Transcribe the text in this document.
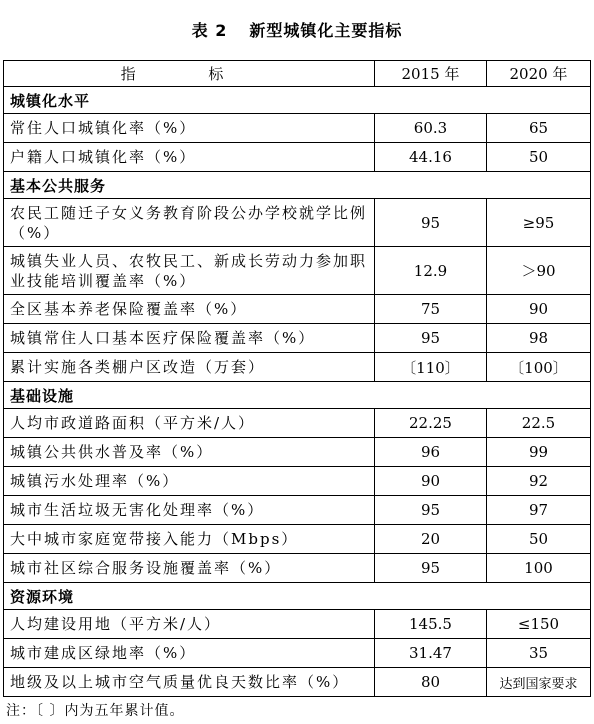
表 2 新型城镇化主要指标
指 标	2015 年	2020 年
城镇化水平		
常住人口城镇化率（%）	60.3	65
户籍人口城镇化率（%）	44.16	50
基本公共服务		
农民工随迁子女义务教育阶段公办学校就学比例（%）	95	≥95
城镇失业人员、农牧民工、新成长劳动力参加职业技能培训覆盖率（%）	12.9	＞90
全区基本养老保险覆盖率（%）	75	90
城镇常住人口基本医疗保险覆盖率（%）	95	98
累计实施各类棚户区改造（万套）	〔110〕	〔100〕
基础设施		
人均市政道路面积（平方米/人）	22.25	22.5
城镇公共供水普及率（%）	96	99
城镇污水处理率（%）	90	92
城市生活垃圾无害化处理率（%）	95	97
大中城市家庭宽带接入能力（Mbps）	20	50
城市社区综合服务设施覆盖率（%）	95	100
资源环境		
人均建设用地（平方米/人）	145.5	≤150
城市建成区绿地率（%）	31.47	35
地级及以上城市空气质量优良天数比率（%）	80	达到国家要求
注：〔 〕内为五年累计值。
